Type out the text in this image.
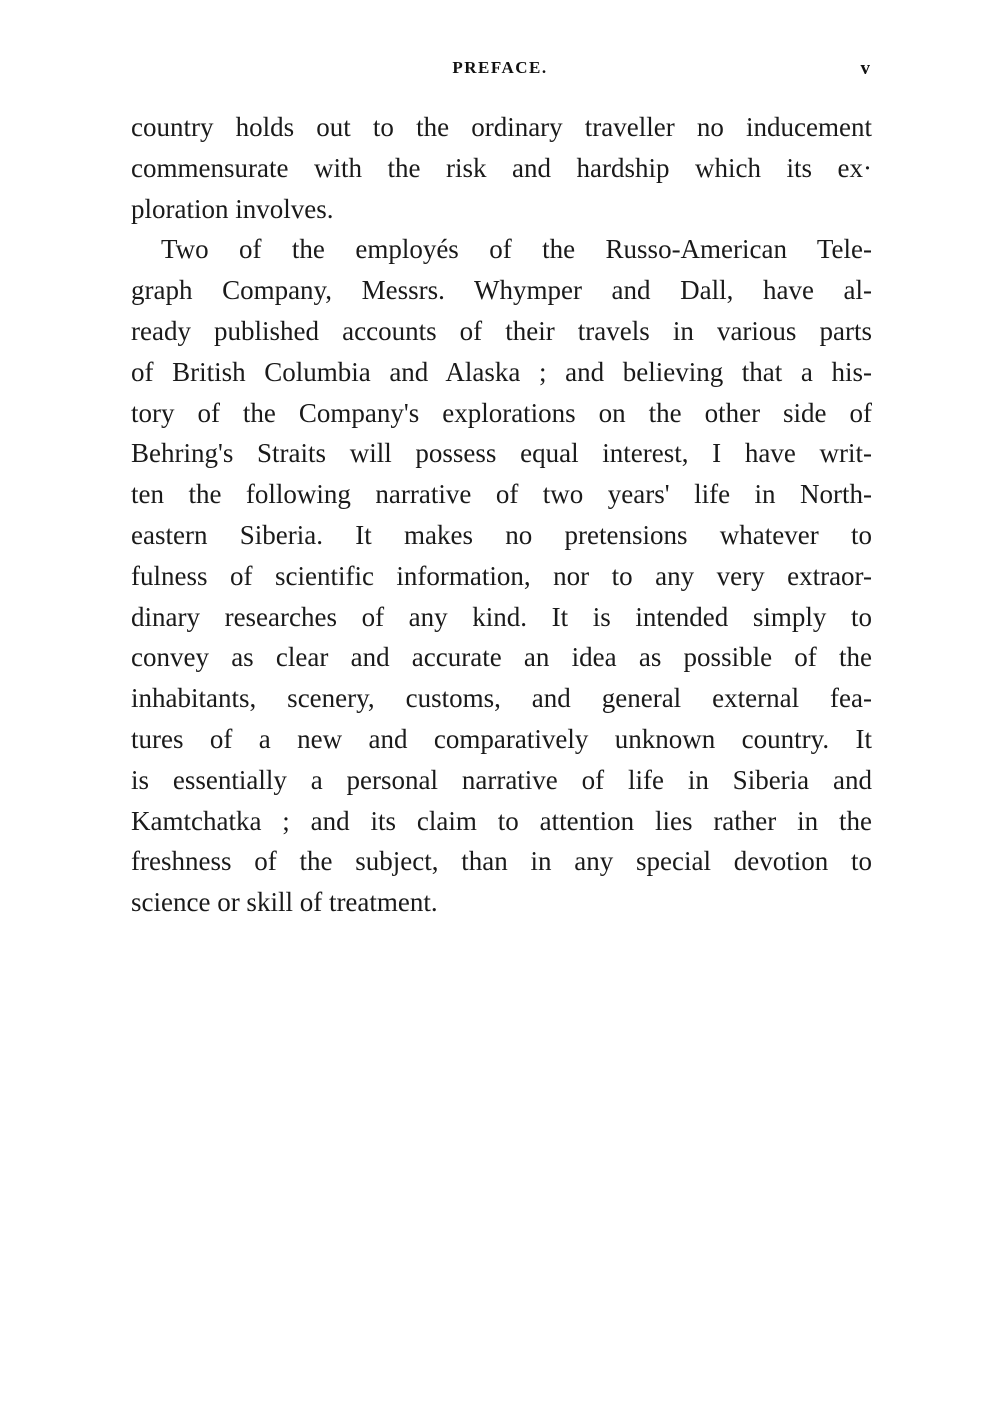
PREFACE.	v
country holds out to the ordinary traveller no inducement
commensurate with the risk and hardship which its ex·
ploration involves.
Two of the employés of the Russo-American Tele-
graph Company, Messrs. Whymper and Dall, have al-
ready published accounts of their travels in various parts
of British Columbia and Alaska ; and believing that a his-
tory of the Company's explorations on the other side of
Behring's Straits will possess equal interest, I have writ-
ten the following narrative of two years' life in North-
eastern Siberia. It makes no pretensions whatever to
fulness of scientific information, nor to any very extraor-
dinary researches of any kind. It is intended simply to
convey as clear and accurate an idea as possible of the
inhabitants, scenery, customs, and general external fea-
tures of a new and comparatively unknown country. It
is essentially a personal narrative of life in Siberia and
Kamtchatka ; and its claim to attention lies rather in the
freshness of the subject, than in any special devotion to
science or skill of treatment.
